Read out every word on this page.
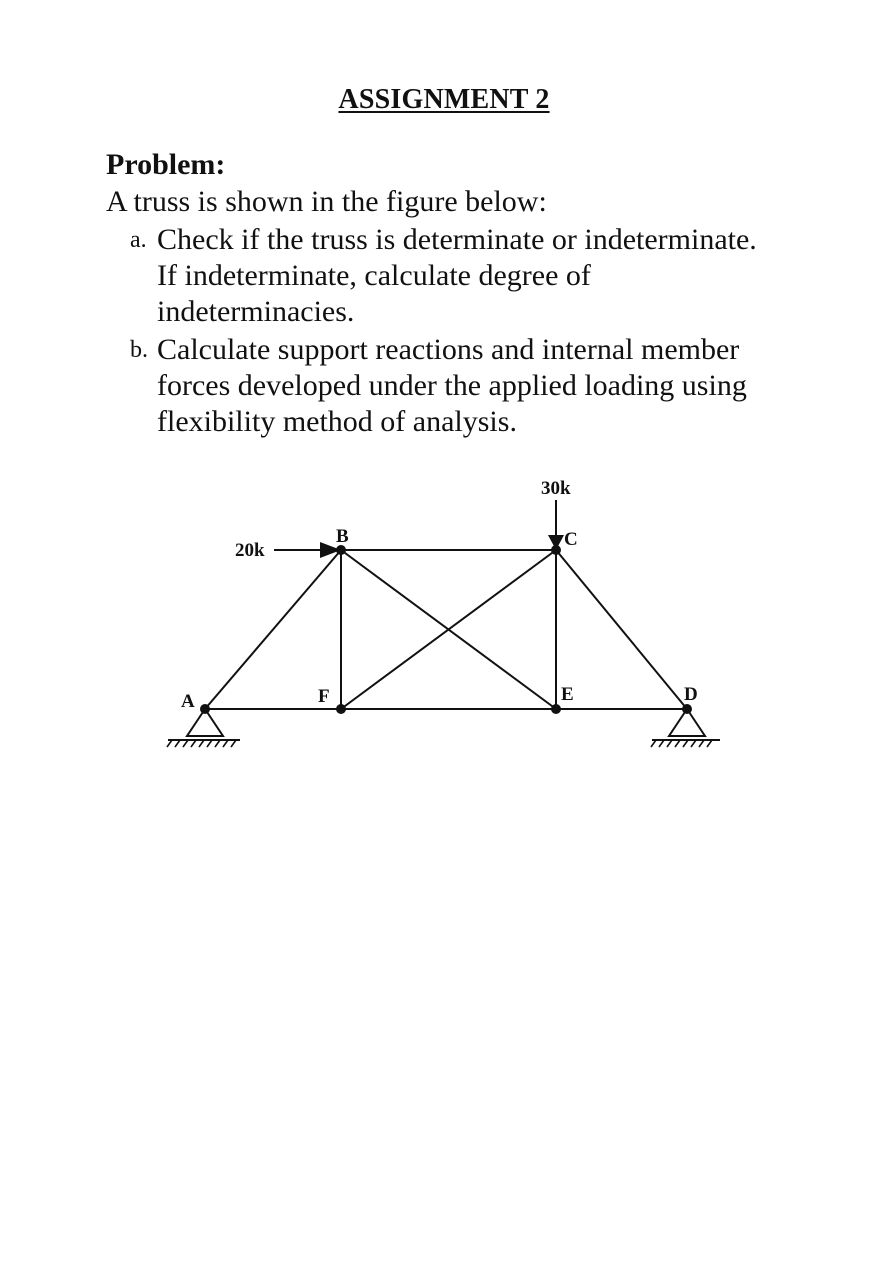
ASSIGNMENT 2
Problem:
A truss is shown in the figure below:
a. Check if the truss is determinate or indeterminate. If indeterminate, calculate degree of indeterminacies.
b. Calculate support reactions and internal member forces developed under the applied loading using flexibility method of analysis.
A
B	C
D
E
F
20k
30k
